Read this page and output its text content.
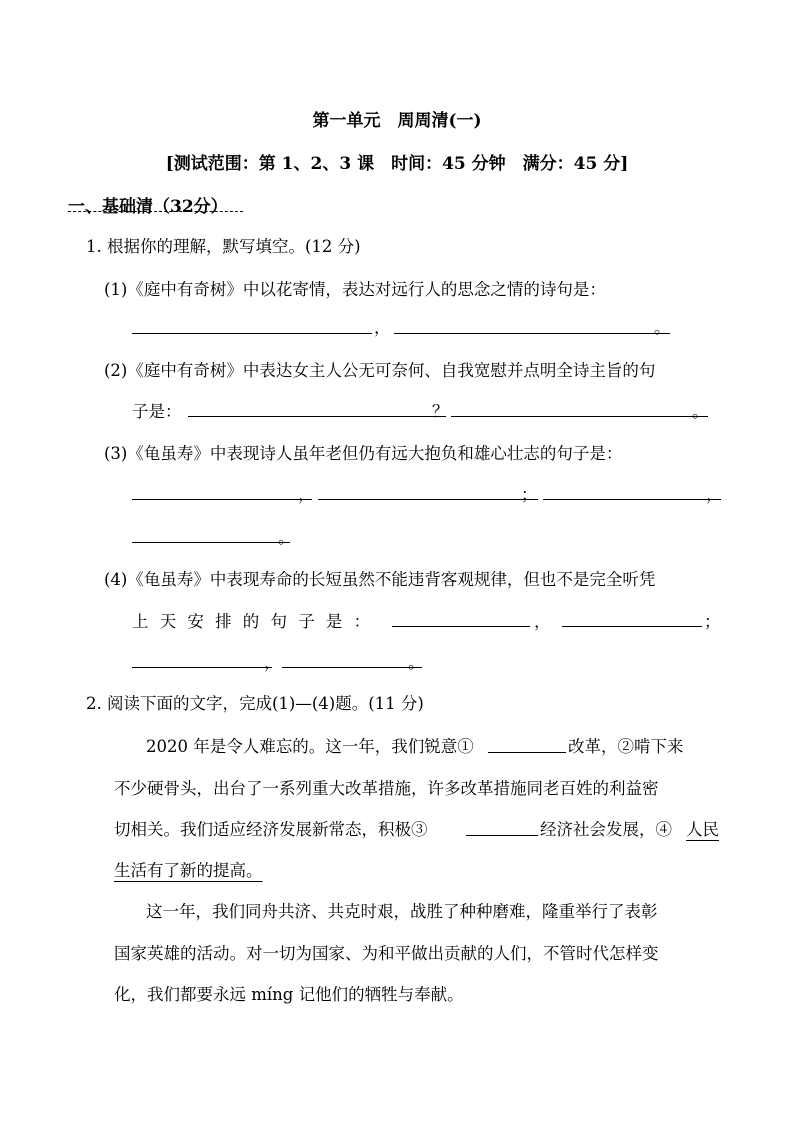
第一单元　周周清(一)
[测试范围：第 1、2、3 课　时间：45 分钟　满分：45 分]
一、基础清（32分）
1. 根据你的理解，默写填空。(12 分)
(1)《庭中有奇树》中以花寄情，表达对远行人的思念之情的诗句是：
，	。
(2)《庭中有奇树》中表达女主人公无可奈何、自我宽慰并点明全诗主旨的句
子是：	？	。
(3)《龟虽寿》中表现诗人虽年老但仍有远大抱负和雄心壮志的句子是：
，	；	，
。
(4)《龟虽寿》中表现寿命的长短虽然不能违背客观规律，但也不是完全听凭
上天安排的句子是：	，	；
，	。
2. 阅读下面的文字，完成(1)—(4)题。(11 分)
2020 年是令人难忘的。这一年，我们锐意①	改革，②啃下来
不少硬骨头，出台了一系列重大改革措施，许多改革措施同老百姓的利益密
切相关。我们适应经济发展新常态，积极③	经济社会发展，④ 人民
生活有了新的提高。
这一年，我们同舟共济、共克时艰，战胜了种种磨难，隆重举行了表彰
国家英雄的活动。对一切为国家、为和平做出贡献的人们，不管时代怎样变
化，我们都要永远 míng 记他们的牺牲与奉献。
